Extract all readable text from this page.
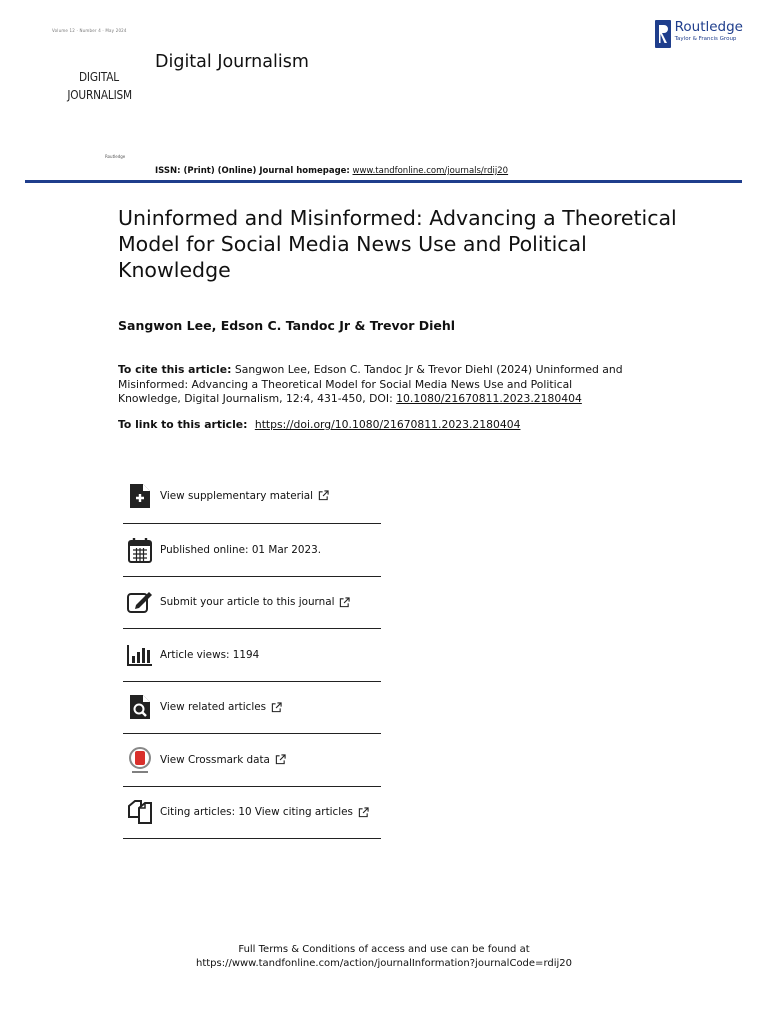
Volume 12 · Number 4 · May 2024
DIGITAL
JOURNALISM
Digital Journalism
Routledge
Taylor & Francis Group
Routledge
ISSN: (Print) (Online) Journal homepage: www.tandfonline.com/journals/rdij20
Uninformed and Misinformed: Advancing a Theoretical Model for Social Media News Use and Political Knowledge
Sangwon Lee, Edson C. Tandoc Jr & Trevor Diehl
To cite this article: Sangwon Lee, Edson C. Tandoc Jr & Trevor Diehl (2024) Uninformed and Misinformed: Advancing a Theoretical Model for Social Media News Use and Political Knowledge, Digital Journalism, 12:4, 431-450, DOI: 10.1080/21670811.2023.2180404
To link to this article: https://doi.org/10.1080/21670811.2023.2180404
View supplementary material
Published online: 01 Mar 2023.
Submit your article to this journal
Article views: 1194
View related articles
View Crossmark data
Citing articles: 10 View citing articles
Full Terms & Conditions of access and use can be found at
https://www.tandfonline.com/action/journalInformation?journalCode=rdij20
